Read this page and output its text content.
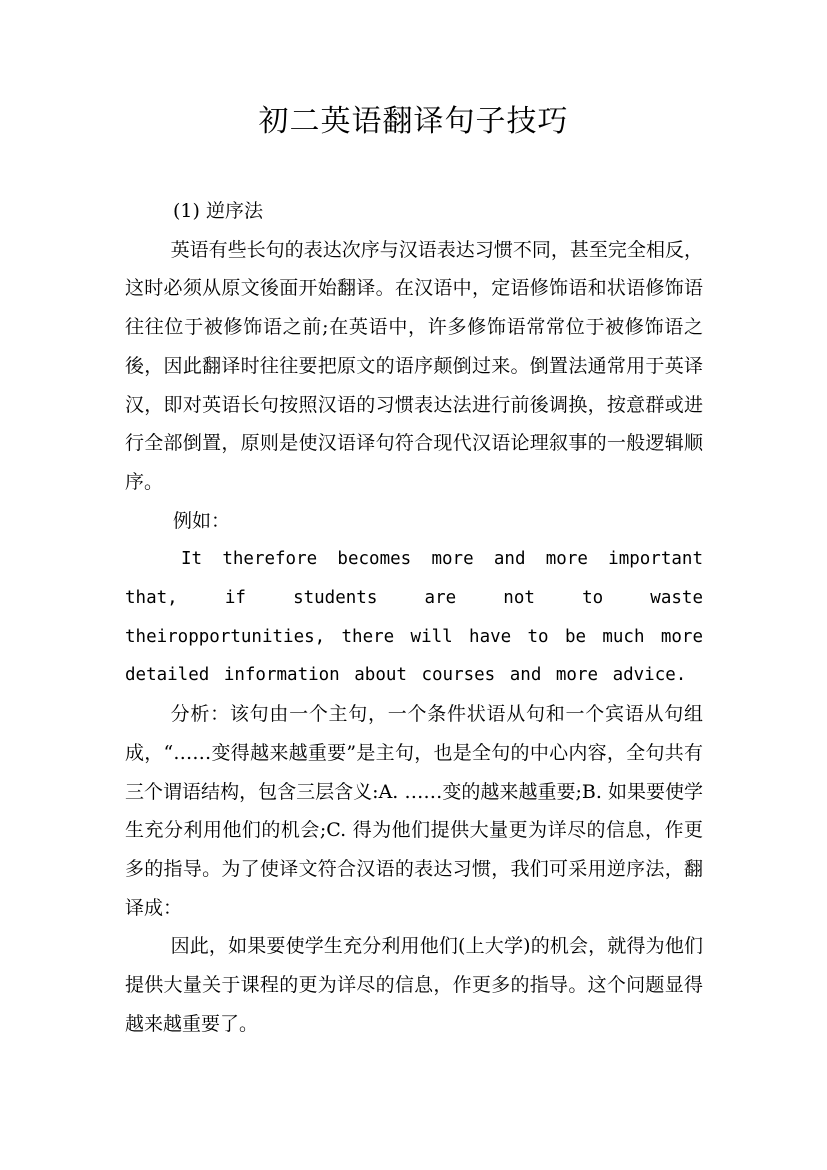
初二英语翻译句子技巧

(1) 逆序法

英语有些长句的表达次序与汉语表达习惯不同，甚至完全相反，这时必须从原文後面开始翻译。在汉语中，定语修饰语和状语修饰语往往位于被修饰语之前;在英语中，许多修饰语常常位于被修饰语之後，因此翻译时往往要把原文的语序颠倒过来。倒置法通常用于英译汉，即对英语长句按照汉语的习惯表达法进行前後调换，按意群或进行全部倒置，原则是使汉语译句符合现代汉语论理叙事的一般逻辑顺序。

例如：

It therefore becomes more and more important that, if students are not to waste theiropportunities, there will have to be much more detailed information about courses and more advice.

分析：该句由一个主句，一个条件状语从句和一个宾语从句组成，“……变得越来越重要”是主句，也是全句的中心内容，全句共有三个谓语结构，包含三层含义:A. ……变的越来越重要;B. 如果要使学生充分利用他们的机会;C. 得为他们提供大量更为详尽的信息，作更多的指导。为了使译文符合汉语的表达习惯，我们可采用逆序法，翻译成：

因此，如果要使学生充分利用他们(上大学)的机会，就得为他们提供大量关于课程的更为详尽的信息，作更多的指导。这个问题显得越来越重要了。
